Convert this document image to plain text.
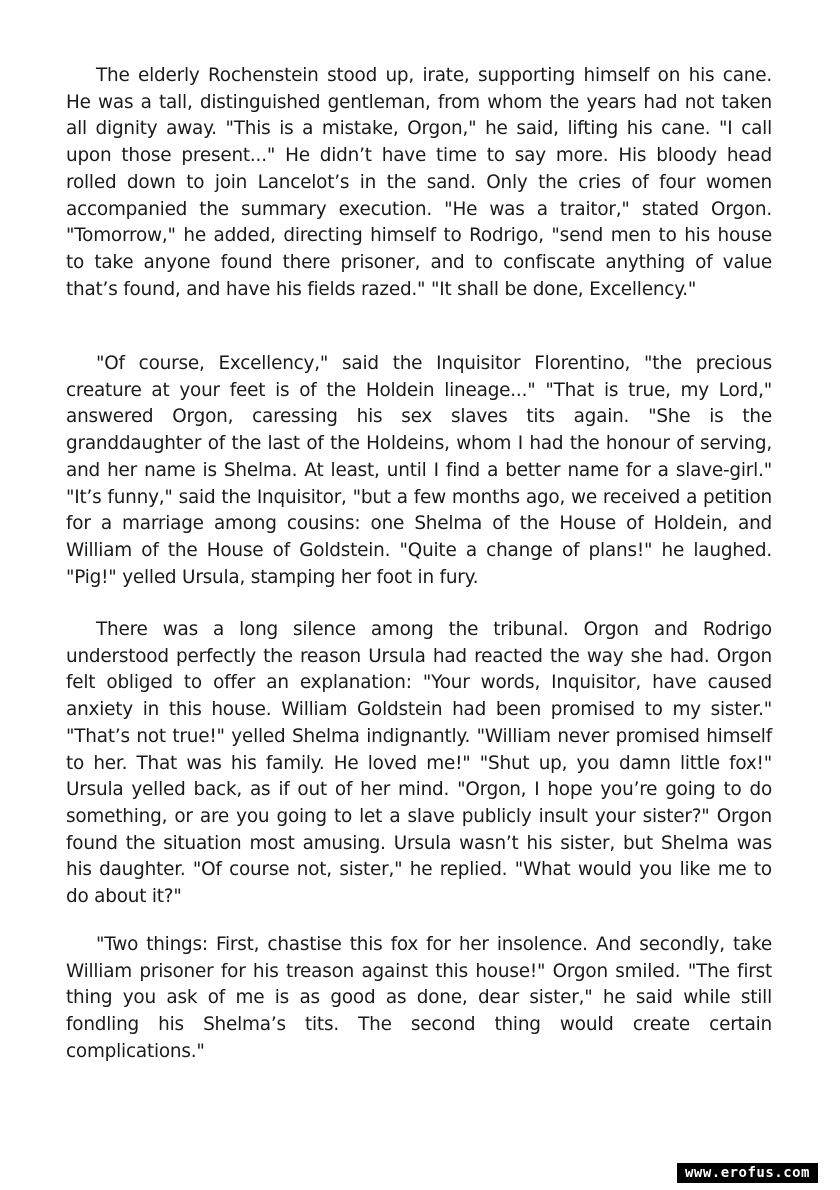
The elderly Rochenstein stood up, irate, supporting himself on his cane. He was a tall, distinguished gentleman, from whom the years had not taken all dignity away. "This is a mistake, Orgon," he said, lifting his cane. "I call upon those present..." He didn’t have time to say more. His bloody head rolled down to join Lancelot’s in the sand. Only the cries of four women accompanied the summary execution. "He was a traitor," stated Orgon. "Tomorrow," he added, directing himself to Rodrigo, "send men to his house to take anyone found there prisoner, and to confiscate anything of value that’s found, and have his fields razed." "It shall be done, Excellency."

"Of course, Excellency," said the Inquisitor Florentino, "the precious creature at your feet is of the Holdein lineage..." "That is true, my Lord," answered Orgon, caressing his sex slaves tits again. "She is the granddaughter of the last of the Holdeins, whom I had the honour of serving, and her name is Shelma. At least, until I find a better name for a slave-girl." "It’s funny," said the Inquisitor, "but a few months ago, we received a petition for a marriage among cousins: one Shelma of the House of Holdein, and William of the House of Goldstein. "Quite a change of plans!" he laughed. "Pig!" yelled Ursula, stamping her foot in fury.

There was a long silence among the tribunal. Orgon and Rodrigo understood perfectly the reason Ursula had reacted the way she had. Orgon felt obliged to offer an explanation: "Your words, Inquisitor, have caused anxiety in this house. William Goldstein had been promised to my sister." "That’s not true!" yelled Shelma indignantly. "William never promised himself to her. That was his family. He loved me!" "Shut up, you damn little fox!" Ursula yelled back, as if out of her mind. "Orgon, I hope you’re going to do something, or are you going to let a slave publicly insult your sister?" Orgon found the situation most amusing. Ursula wasn’t his sister, but Shelma was his daughter. "Of course not, sister," he replied. "What would you like me to do about it?"

"Two things: First, chastise this fox for her insolence. And secondly, take William prisoner for his treason against this house!" Orgon smiled. "The first thing you ask of me is as good as done, dear sister," he said while still fondling his Shelma’s tits. The second thing would create certain complications."

www.erofus.com
